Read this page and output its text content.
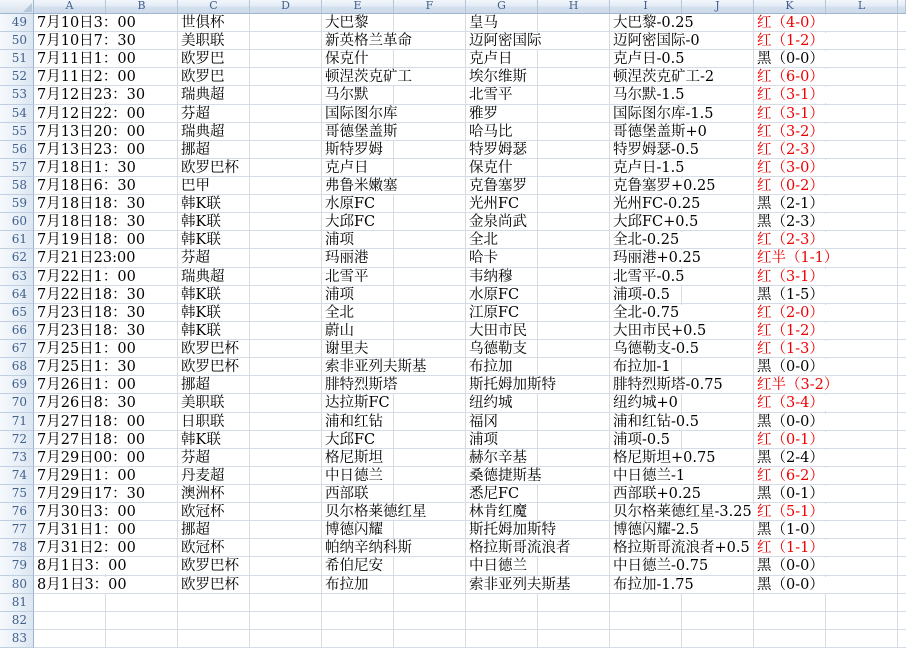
A	B	C	D	E	F	G	H	I	J	K	L
49 7月10日3：00	世俱杯	大巴黎	皇马	大巴黎-0.25	红（4-0）
50 7月10日7：30	美职联	新英格兰革命	迈阿密国际	迈阿密国际-0	红（1-2）
51 7月11日1：00	欧罗巴	保克什	克卢日	克卢日-0.5	黑（0-0）
52 7月11日2：00	欧罗巴	顿涅茨克矿工	埃尔维斯	顿涅茨克矿工-2	红（6-0）
53 7月12日23：30 瑞典超	马尔默	北雪平	马尔默-1.5	红（3-1）
54 7月12日22：00 芬超	国际图尔库	雅罗	国际图尔库-1.5	红（3-1）
55 7月13日20：00 瑞典超	哥德堡盖斯	哈马比	哥德堡盖斯+0	红（3-2）
56 7月13日23：00 挪超	斯特罗姆	特罗姆瑟	特罗姆瑟-0.5	红（2-3）
57 7月18日1：30	欧罗巴杯	克卢日	保克什	克卢日-1.5	红（3-0）
58 7月18日6：30	巴甲	弗鲁米嫩塞	克鲁塞罗	克鲁塞罗+0.25	红（0-2）
59 7月18日18：30 韩K联	水原FC	光州FC	光州FC-0.25	黑（2-1）
60 7月18日18：30 韩K联	大邱FC	金泉尚武	大邱FC+0.5	黑（2-3）
61 7月19日18：00 韩K联	浦项	全北	全北-0.25	红（2-3）
62 7月21日23:00	芬超	玛丽港	哈卡	玛丽港+0.25	红半（1-1）
63 7月22日1：00	瑞典超	北雪平	韦纳穆	北雪平-0.5	红（3-1）
64 7月22日18：30 韩K联	浦项	水原FC	浦项-0.5	黑（1-5）
65 7月23日18：30 韩K联	全北	江原FC	全北-0.75	红（2-0）
66 7月23日18：30 韩K联	蔚山	大田市民	大田市民+0.5	红（1-2）
67 7月25日1：00	欧罗巴杯	谢里夫	乌德勒支	乌德勒支-0.5	红（1-3）
68 7月25日1：30	欧罗巴杯	索非亚列夫斯基	布拉加	布拉加-1	黑（0-0）
69 7月26日1：00	挪超	腓特烈斯塔	斯托姆加斯特	腓特烈斯塔-0.75 红半（3-2）
70 7月26日8：30	美职联	达拉斯FC	纽约城	纽约城+0	红（3-4）
71 7月27日18：00 日职联	浦和红钻	福冈	浦和红钻-0.5	黑（0-0）
72 7月27日18：00 韩K联	大邱FC	浦项	浦项-0.5	红（0-1）
73 7月29日00：00 芬超	格尼斯坦	赫尔辛基	格尼斯坦+0.75	黑（2-4）
74 7月29日1：00	丹麦超	中日德兰	桑德捷斯基	中日德兰-1	红（6-2）
75 7月29日17：30 澳洲杯	西部联	悉尼FC	西部联+0.25	黑（0-1）
76 7月30日3：00	欧冠杯	贝尔格莱德红星	林肯红魔	贝尔格莱德红星-3.25 红（5-1）
77 7月31日1：00	挪超	博德闪耀	斯托姆加斯特	博德闪耀-2.5	黑（1-0）
78 7月31日2：00	欧冠杯	帕纳辛纳科斯	格拉斯哥流浪者	格拉斯哥流浪者+0.5 红（1-1）
79 8月1日3：00	欧罗巴杯	希伯尼安	中日德兰	中日德兰-0.75	黑（0-0）
80 8月1日3：00	欧罗巴杯	布拉加	索非亚列夫斯基	布拉加-1.75	黑（0-0）
81
82
83
